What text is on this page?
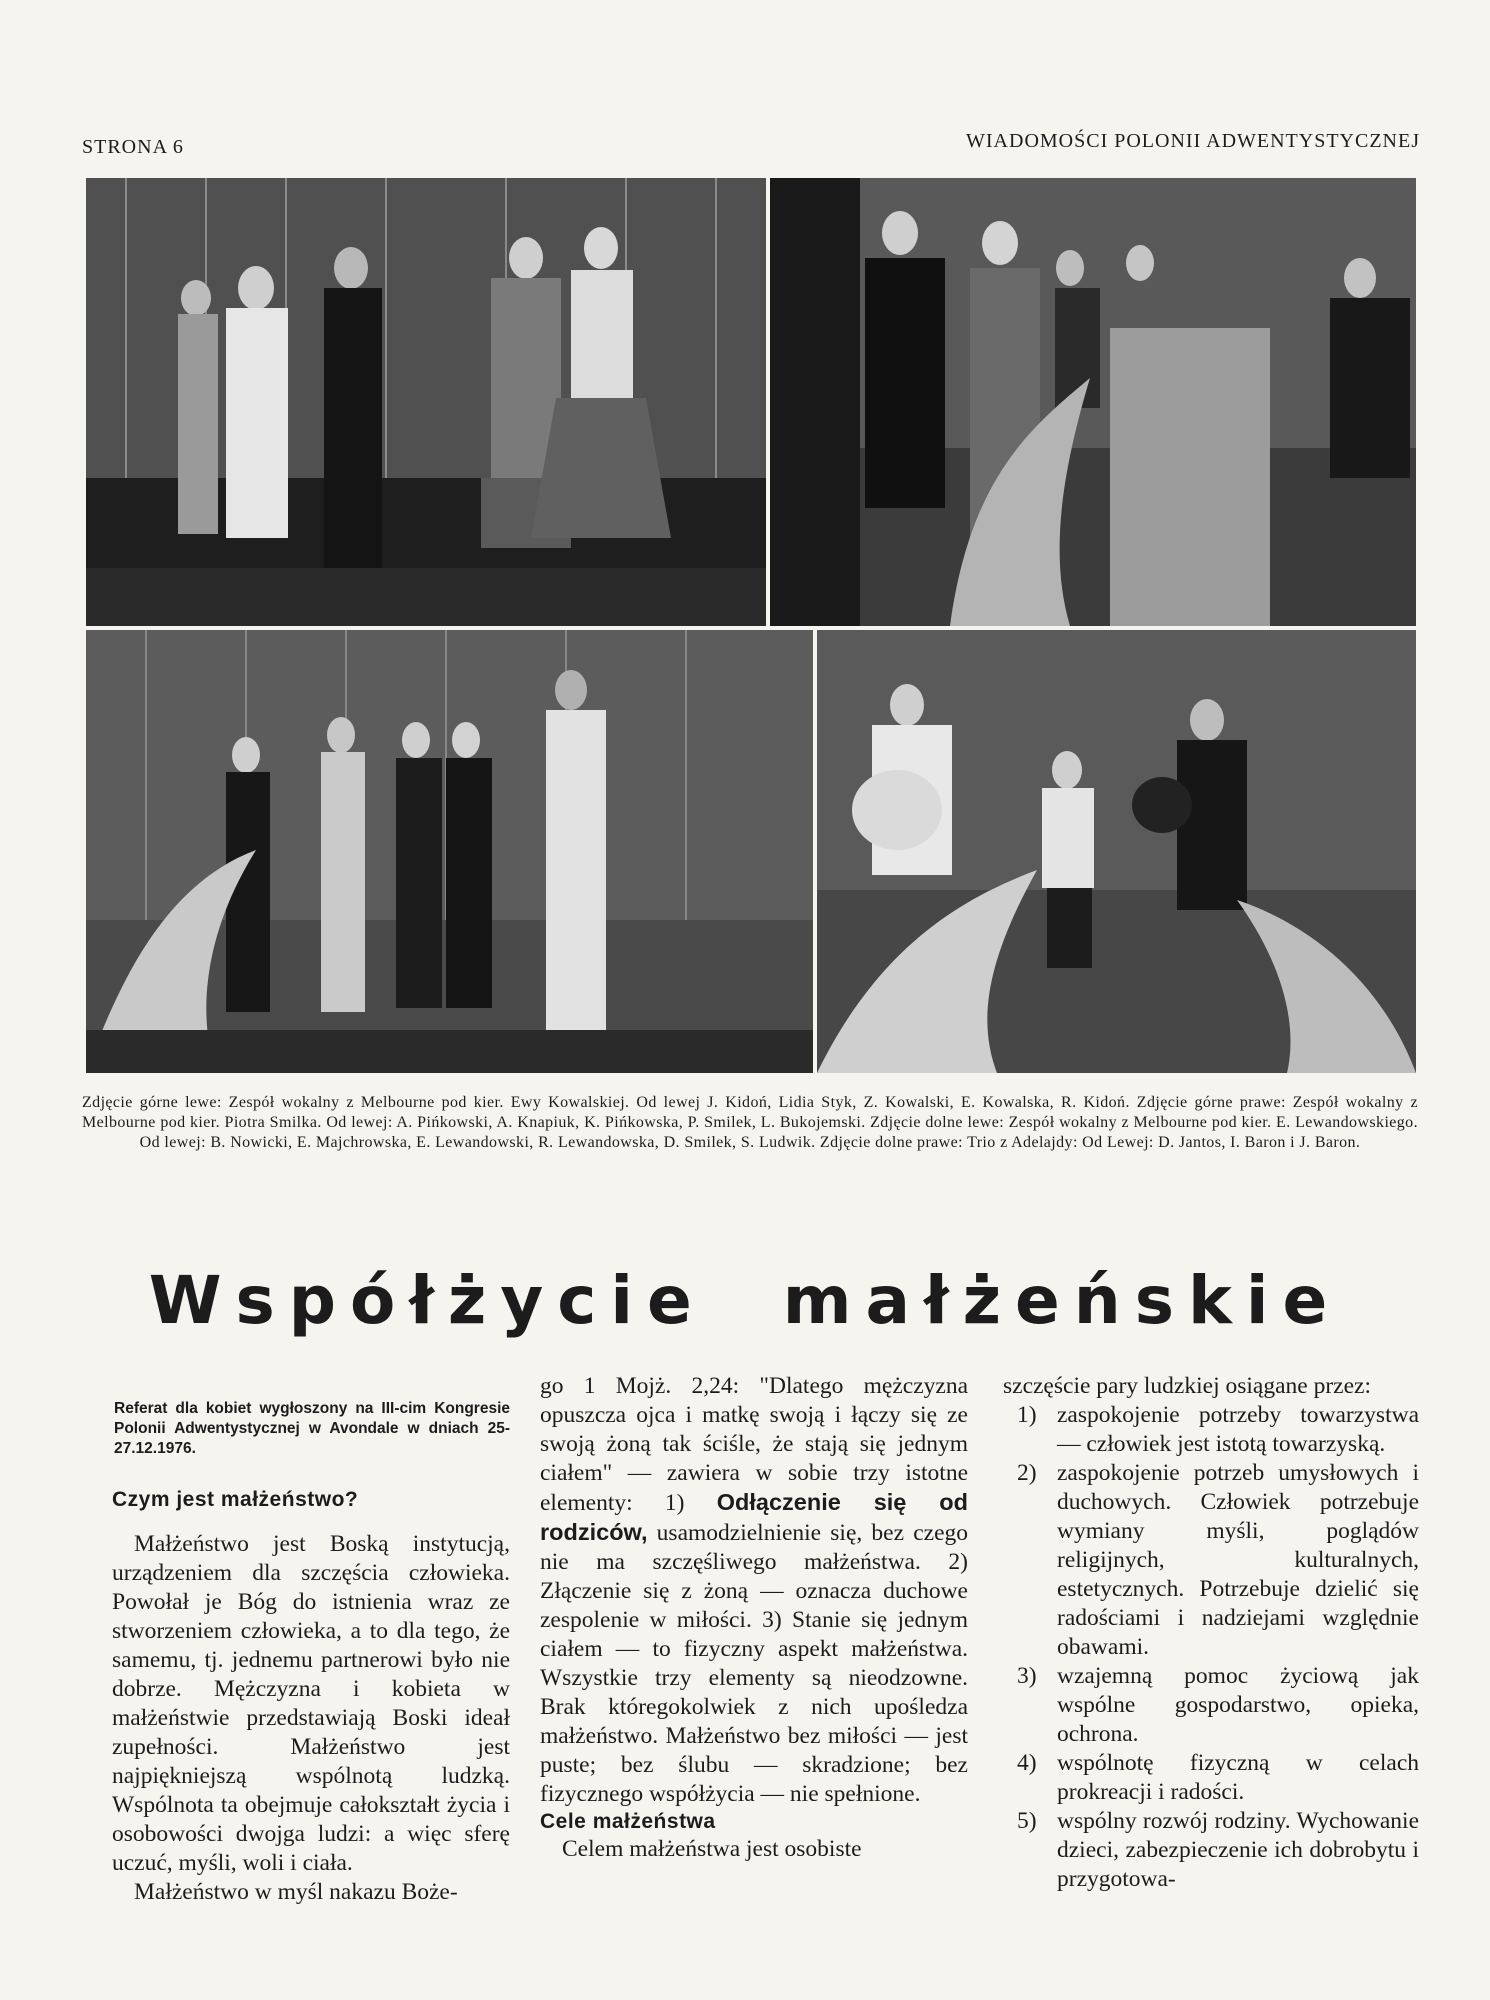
STRONA 6	WIADOMOŚCI POLONII ADWENTYSTYCZNEJ
Zdjęcie górne lewe: Zespół wokalny z Melbourne pod kier. Ewy Kowalskiej. Od lewej J. Kidoń, Lidia Styk, Z. Kowalski, E. Kowalska, R. Kidoń. Zdjęcie górne prawe: Zespół wokalny z Melbourne pod kier. Piotra Smilka. Od lewej: A. Pińkowski, A. Knapiuk, K. Pińkowska, P. Smilek, L. Bukojemski. Zdjęcie dolne lewe: Zespół wokalny z Melbourne pod kier. E. Lewandowskiego. Od lewej: B. Nowicki, E. Majchrowska, E. Lewandowski, R. Lewandowska, D. Smilek, S. Ludwik. Zdjęcie dolne prawe: Trio z Adelajdy: Od Lewej: D. Jantos, I. Baron i J. Baron.
Współżycie małżeńskie
Referat dla kobiet wygłoszony na III-cim Kongresie Polonii Adwentystycznej w Avondale w dniach 25-27.12.1976.
Czym jest małżeństwo?

Małżeństwo jest Boską instytucją, urządzeniem dla szczęścia człowieka. Powołał je Bóg do istnienia wraz ze stworzeniem człowieka, a to dla tego, że samemu, tj. jednemu partnerowi było nie dobrze. Mężczyzna i kobieta w małżeństwie przedstawiają Boski ideał zupełności. Małżeństwo jest najpiękniejszą wspólnotą ludzką. Wspólnota ta obejmuje całokształt życia i osobowości dwojga ludzi: a więc sferę uczuć, myśli, woli i ciała.

Małżeństwo w myśl nakazu Boże-

go 1 Mojż. 2,24: "Dlatego mężczyzna opuszcza ojca i matkę swoją i łączy się ze swoją żoną tak ściśle, że stają się jednym ciałem" — zawiera w sobie trzy istotne elementy: 1) Odłączenie się od rodziców, usamodzielnienie się, bez czego nie ma szczęśliwego małżeństwa. 2) Złączenie się z żoną — oznacza duchowe zespolenie w miłości. 3) Stanie się jednym ciałem — to fizyczny aspekt małżeństwa. Wszystkie trzy elementy są nieodzowne. Brak któregokolwiek z nich upośledza małżeństwo. Małżeństwo bez miłości — jest puste; bez ślubu — skradzione; bez fizycznego współżycia — nie spełnione.

Cele małżeństwa

Celem małżeństwa jest osobiste

szczęście pary ludzkiej osiągane przez:

1) zaspokojenie potrzeby towarzystwa — człowiek jest istotą towarzyską.
2) zaspokojenie potrzeb umysłowych i duchowych. Człowiek potrzebuje wymiany myśli, poglądów religijnych, kulturalnych, estetycznych. Potrzebuje dzielić się radościami i nadziejami względnie obawami.
3) wzajemną pomoc życiową jak wspólne gospodarstwo, opieka, ochrona.
4) wspólnotę fizyczną w celach prokreacji i radości.
5) wspólny rozwój rodziny. Wychowanie dzieci, zabezpieczenie ich dobrobytu i przygotowa-
